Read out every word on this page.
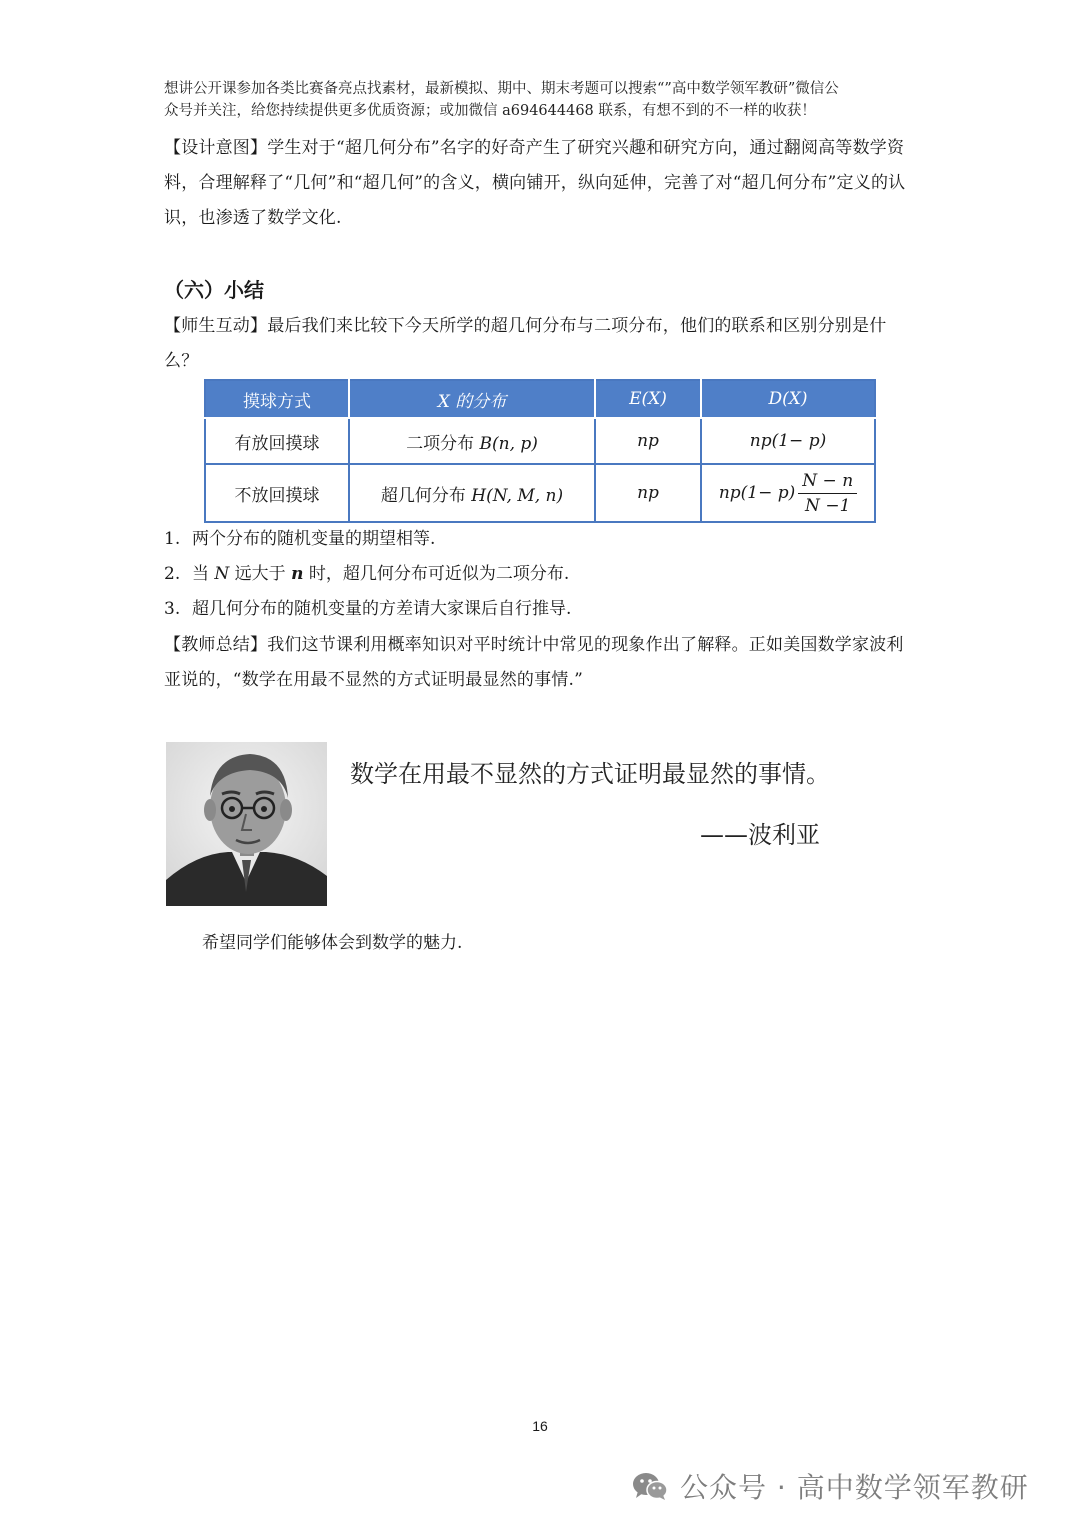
想讲公开课参加各类比赛备亮点找素材，最新模拟、期中、期末考题可以搜索“”高中数学领军教研”微信公
众号并关注，给您持续提供更多优质资源；或加微信 a694644468 联系，有想不到的不一样的收获！
【设计意图】学生对于“超几何分布”名字的好奇产生了研究兴趣和研究方向，通过翻阅高等数学资料，合理解释了“几何”和“超几何”的含义，横向铺开，纵向延伸，完善了对“超几何分布”定义的认识，也渗透了数学文化.
（六）小结
【师生互动】最后我们来比较下今天所学的超几何分布与二项分布，他们的联系和区别分别是什么？
摸球方式	X 的分布	E(X)	D(X)
有放回摸球	二项分布 B(n, p)	np	np(1− p)
不放回摸球	超几何分布 H(N, M, n)	np	$np(1- p) \frac{N - n}{N -1}$
1. 两个分布的随机变量的期望相等.
2. 当 N 远大于 n 时，超几何分布可近似为二项分布.
3. 超几何分布的随机变量的方差请大家课后自行推导.
【教师总结】我们这节课利用概率知识对平时统计中常见的现象作出了解释。正如美国数学家波利亚说的，“数学在用最不显然的方式证明最显然的事情.”
数学在用最不显然的方式证明最显然的事情。
——波利亚
希望同学们能够体会到数学的魅力.
16
公众号 · 高中数学领军教研
